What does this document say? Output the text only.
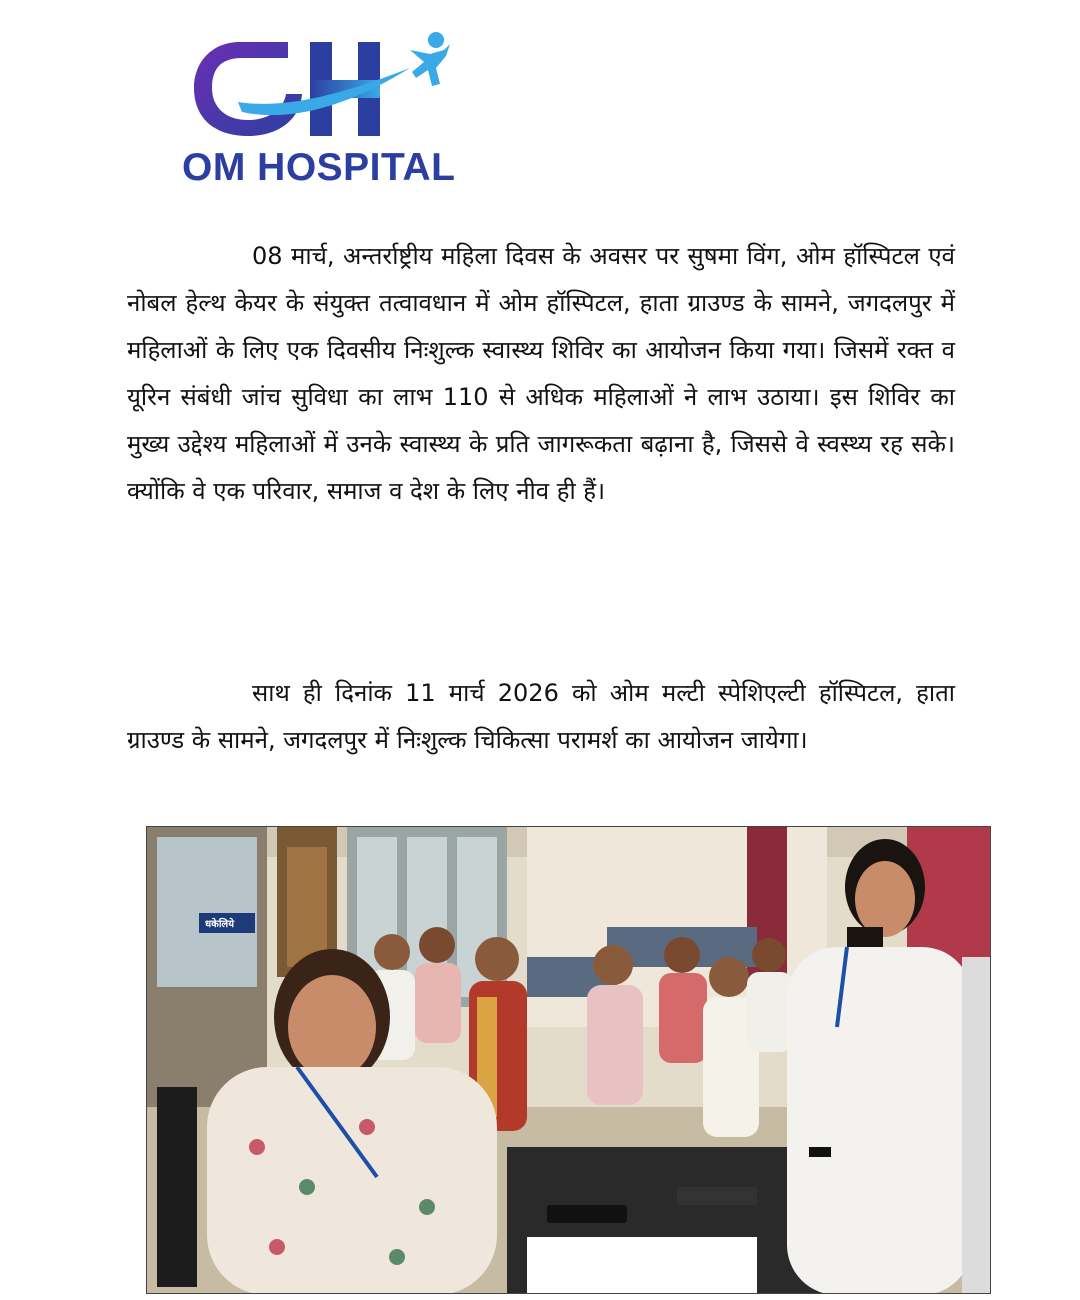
OM HOSPITAL

08 मार्च, अन्तर्राष्ट्रीय महिला दिवस के अवसर पर सुषमा विंग, ओम हॉस्पिटल एवं नोबल हेल्थ केयर के संयुक्त तत्वावधान में ओम हॉस्पिटल, हाता ग्राउण्ड के सामने, जगदलपुर में महिलाओं के लिए एक दिवसीय निःशुल्क स्वास्थ्य शिविर का आयोजन किया गया। जिसमें रक्त व यूरिन संबंधी जांच सुविधा का लाभ 110 से अधिक महिलाओं ने लाभ उठाया। इस शिविर का मुख्य उद्देश्य महिलाओं में उनके स्वास्थ्य के प्रति जागरूकता बढ़ाना है, जिससे वे स्वस्थ्य रह सके। क्योंकि वे एक परिवार, समाज व देश के लिए नीव ही हैं।

साथ ही दिनांक 11 मार्च 2026 को ओम मल्टी स्पेशिएल्टी हॉस्पिटल, हाता ग्राउण्ड के सामने, जगदलपुर में निःशुल्क चिकित्सा परामर्श का आयोजन जायेगा।

धकेलिये
